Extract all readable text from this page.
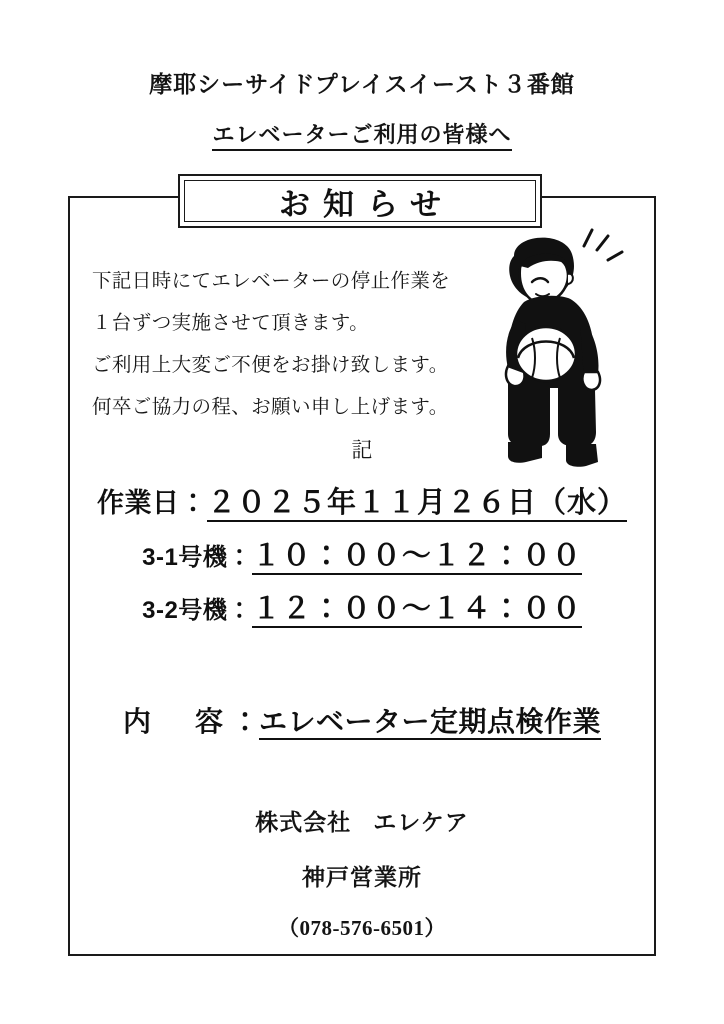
摩耶シーサイドプレイスイースト３番館
エレベーターご利用の皆様へ
下記日時にてエレベーターの停止作業を
１台ずつ実施させて頂きます。
ご利用上大変ご不便をお掛け致します。
何卒ご協力の程、お願い申し上げます。
記
作業日：２０２５年１１月２６日（水）
3-1号機：１０：００〜１２：００
3-2号機：１２：００〜１４：００
内　容：エレベーター定期点検作業
株式会社 エレケア
神戸営業所
（078-576-6501）
お知らせ
